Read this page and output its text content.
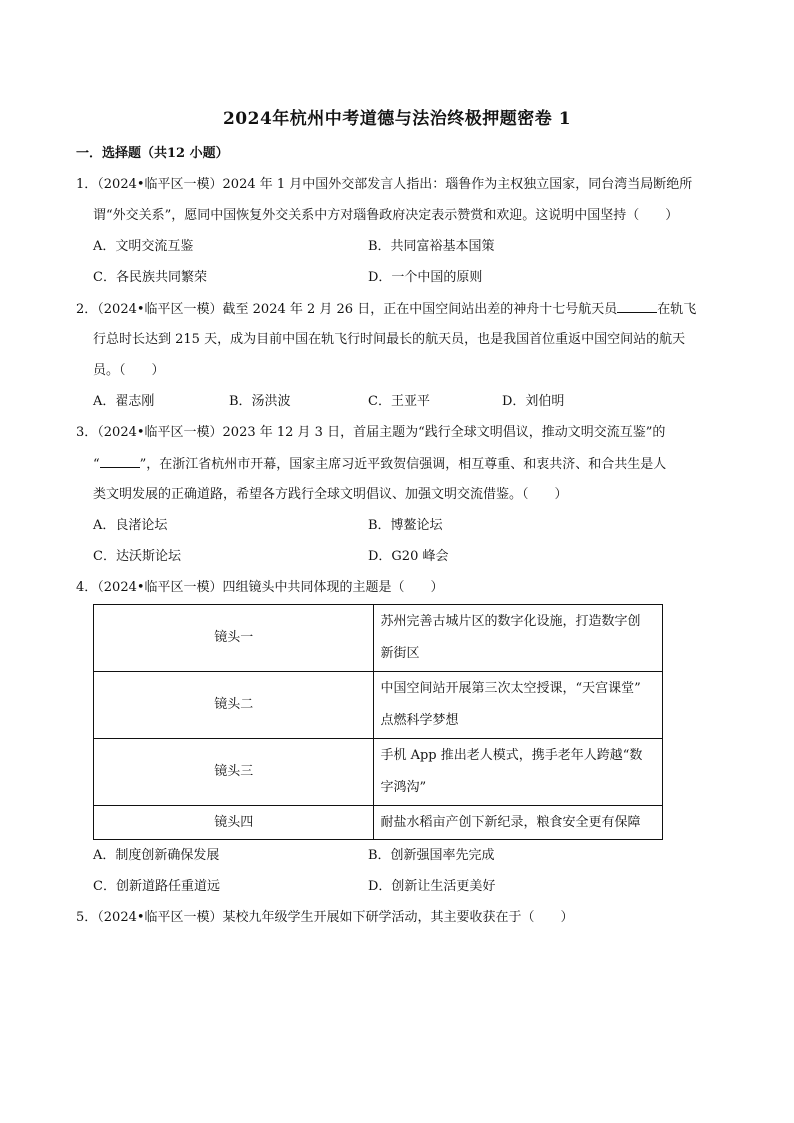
2024年杭州中考道德与法治终极押题密卷 1
一．选择题（共12 小题）
1．（2024•临平区一模）2024 年 1 月中国外交部发言人指出：瑙鲁作为主权独立国家，同台湾当局断绝所
谓“外交关系”，愿同中国恢复外交关系中方对瑙鲁政府决定表示赞赏和欢迎。这说明中国坚持（　　）
A．文明交流互鉴	B．共同富裕基本国策
C．各民族共同繁荣	D．一个中国的原则
2．（2024•临平区一模）截至 2024 年 2 月 26 日，正在中国空间站出差的神舟十七号航天员	在轨飞
行总时长达到 215 天，成为目前中国在轨飞行时间最长的航天员，也是我国首位重返中国空间站的航天
员。（　　）
A．翟志刚	B．汤洪波	C．王亚平	D．刘伯明
3．（2024•临平区一模）2023 年 12 月 3 日，首届主题为“践行全球文明倡议，推动文明交流互鉴”的
“	”，在浙江省杭州市开幕，国家主席习近平致贺信强调，相互尊重、和衷共济、和合共生是人
类文明发展的正确道路，希望各方践行全球文明倡议、加强文明交流借鉴。（　　）
A．良渚论坛	B．博鳌论坛
C．达沃斯论坛	D．G20 峰会
4．（2024•临平区一模）四组镜头中共同体现的主题是（　　）
镜头一	苏州完善古城片区的数字化设施，打造数字创
新街区

镜头二	中国空间站开展第三次太空授课，“天宫课堂”
点燃科学梦想

镜头三	手机 App 推出老人模式，携手老年人跨越“数
字鸿沟”

镜头四	耐盐水稻亩产创下新纪录，粮食安全更有保障
A．制度创新确保发展	B．创新强国率先完成
C．创新道路任重道远	D．创新让生活更美好
5．（2024•临平区一模）某校九年级学生开展如下研学活动，其主要收获在于（　　）
